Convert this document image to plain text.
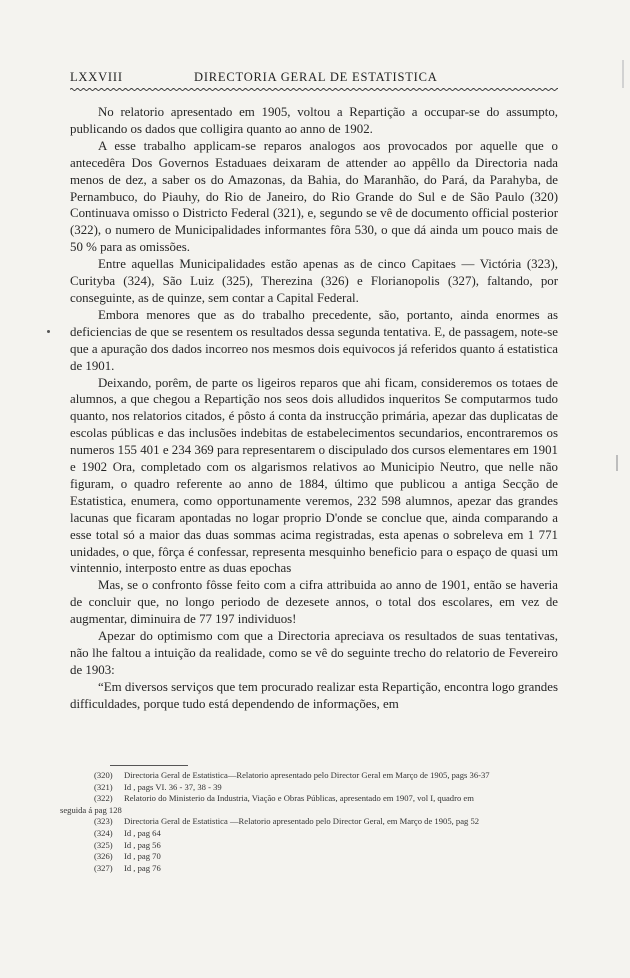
LXXVIII	DIRECTORIA GERAL DE ESTATISTICA

No relatorio apresentado em 1905, voltou a Repartição a occupar-se do assumpto, publicando os dados que colligira quanto ao anno de 1902.

A esse trabalho applicam-se reparos analogos aos provocados por aquelle que o antecedêra Dos Governos Estaduaes deixaram de attender ao appêllo da Directoria nada menos de dez, a saber os do Amazonas, da Bahia, do Maranhão, do Pará, da Parahyba, de Pernambuco, do Piauhy, do Rio de Janeiro, do Rio Grande do Sul e de São Paulo (320) Continuava omisso o Districto Federal (321), e, segundo se vê de documento official posterior (322), o numero de Municipalidades informantes fôra 530, o que dá ainda um pouco mais de 50 % para as omissões.

Entre aquellas Municipalidades estão apenas as de cinco Capitaes — Victória (323), Curityba (324), São Luiz (325), Therezina (326) e Florianopolis (327), faltando, por conseguinte, as de quinze, sem contar a Capital Federal.

Embora menores que as do trabalho precedente, são, portanto, ainda enormes as deficiencias de que se resentem os resultados dessa segunda tentativa. E, de passagem, note-se que a apuração dos dados incorreo nos mesmos dois equivocos já referidos quanto á estatistica de 1901.

Deixando, porêm, de parte os ligeiros reparos que ahi ficam, consideremos os totaes de alumnos, a que chegou a Repartição nos seos dois alludidos inqueritos Se computarmos tudo quanto, nos relatorios citados, é pôsto á conta da instrucção primária, apezar das duplicatas de escolas públicas e das inclusões indebitas de estabelecimentos secundarios, encontraremos os numeros 155 401 e 234 369 para representarem o discipulado dos cursos elementares em 1901 e 1902 Ora, completado com os algarismos relativos ao Municipio Neutro, que nelle não figuram, o quadro referente ao anno de 1884, último que publicou a antiga Secção de Estatistica, enumera, como opportunamente veremos, 232 598 alumnos, apezar das grandes lacunas que ficaram apontadas no logar proprio D'onde se conclue que, ainda comparando a esse total só a maior das duas sommas acima registradas, esta apenas o sobreleva em 1 771 unidades, o que, fôrça é confessar, representa mesquinho beneficio para o espaço de quasi um vintennio, interposto entre as duas epochas

Mas, se o confronto fôsse feito com a cifra attribuida ao anno de 1901, então se haveria de concluir que, no longo periodo de dezesete annos, o total dos escolares, em vez de augmentar, diminuira de 77 197 individuos!

Apezar do optimismo com que a Directoria apreciava os resultados de suas tentativas, não lhe faltou a intuição da realidade, como se vê do seguinte trecho do relatorio de Fevereiro de 1903:

“Em diversos serviços que tem procurado realizar esta Repartição, encontra logo grandes difficuldades, porque tudo está dependendo de informações, em

(320)	Directoria Geral de Estatistica—Relatorio apresentado pelo Director Geral em Março de 1905, pags 36-37
(321)	Id , pags VI. 36 - 37, 38 - 39
(322)	Relatorio do Ministerio da Industria, Viação e Obras Públicas, apresentado em 1907, vol I, quadro em
seguida á pag 128
(323)	Directoria Geral de Estatistica —Relatorio apresentado pelo Director Geral, em Março de 1905, pag 52
(324)	Id , pag 64
(325)	Id , pag 56
(326)	Id , pag 70
(327)	Id , pag 76
